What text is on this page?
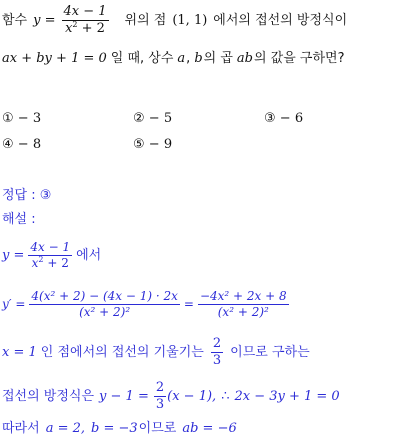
함수 $y = \frac{4x - 1}{x^2 + 2}$ 위의 점 (1, 1) 에서의 접선의 방정식이
ax + by + 1 = 0 일 때, 상수 a , b 의 곱 ab 의 값을 구하면?
① − 3	② − 5	③ − 6
④ − 8	⑤ − 9
정답 : ③
해설 :
$y = \frac{4x - 1}{x^2 + 2}$ 에서
$y' = \frac{\text{4(x² + 2) − (4x − 1) · 2x}}{\text{(x² + 2)²}} = \frac{\text{−4x² + 2x + 8}}{\text{(x² + 2)²}}$
x = 1 인 점에서의 접선의 기울기는 $\frac{2}{3}$ 이므로 구하는
접선의 방정식은 $y - 1 = \frac{2}{3} (x - 1)$, ∴ 2x − 3y + 1 = 0
따라서 a = 2, b = −3 이므로 ab = −6
